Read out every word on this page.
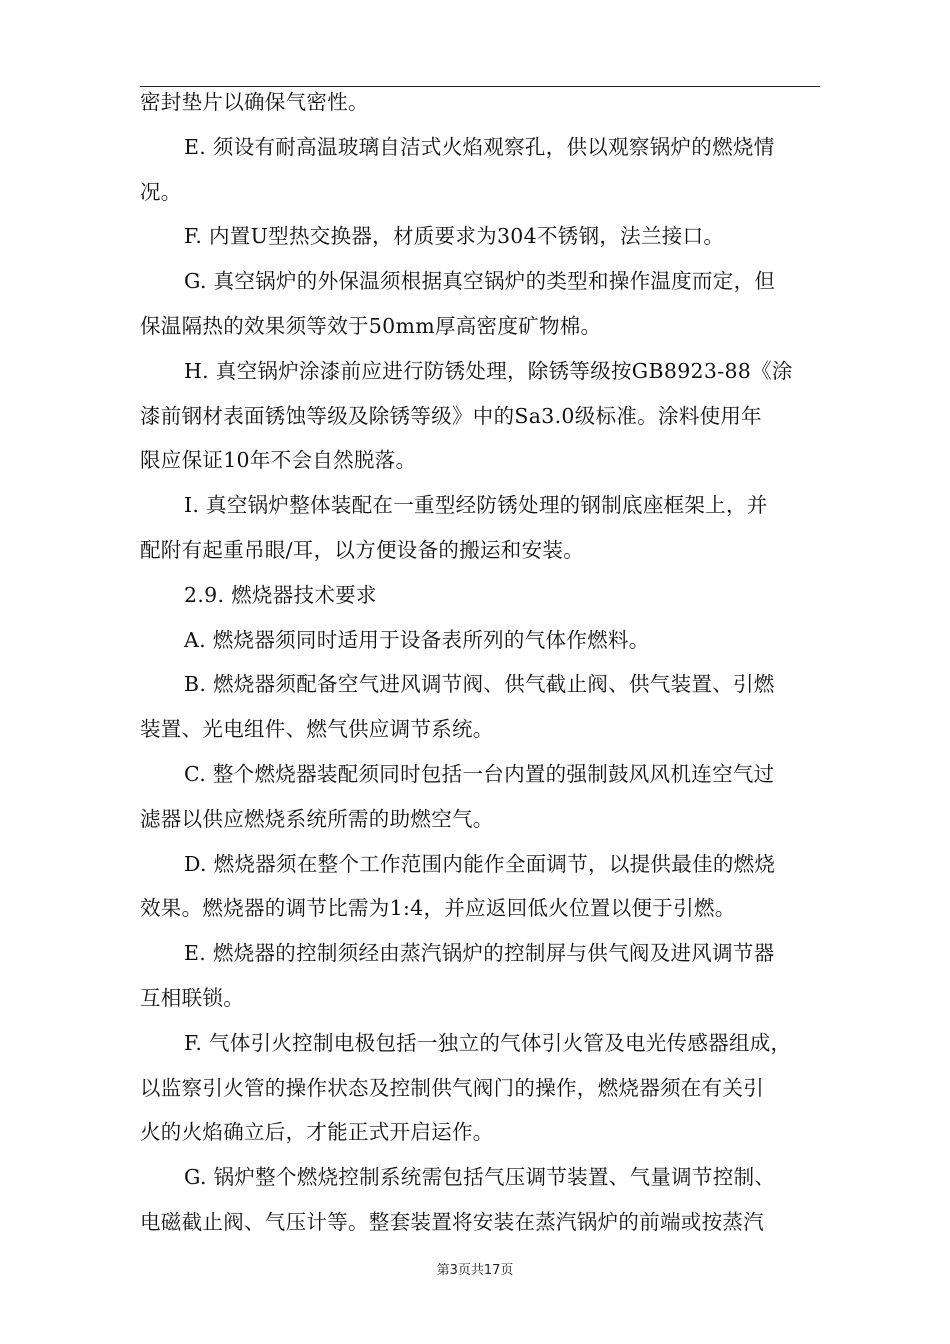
密封垫片以确保气密性。
E. 须设有耐高温玻璃自洁式火焰观察孔，供以观察锅炉的燃烧情
况。
F. 内置U型热交换器，材质要求为304不锈钢，法兰接口。
G. 真空锅炉的外保温须根据真空锅炉的类型和操作温度而定，但
保温隔热的效果须等效于50mm厚高密度矿物棉。
H. 真空锅炉涂漆前应进行防锈处理，除锈等级按GB8923-88《涂
漆前钢材表面锈蚀等级及除锈等级》中的Sa3.0级标准。涂料使用年
限应保证10年不会自然脱落。
I. 真空锅炉整体装配在一重型经防锈处理的钢制底座框架上，并
配附有起重吊眼/耳，以方便设备的搬运和安装。
2.9. 燃烧器技术要求
A. 燃烧器须同时适用于设备表所列的气体作燃料。
B. 燃烧器须配备空气进风调节阀、供气截止阀、供气装置、引燃
装置、光电组件、燃气供应调节系统。
C. 整个燃烧器装配须同时包括一台内置的强制鼓风风机连空气过
滤器以供应燃烧系统所需的助燃空气。
D. 燃烧器须在整个工作范围内能作全面调节，以提供最佳的燃烧
效果。燃烧器的调节比需为1:4，并应返回低火位置以便于引燃。
E. 燃烧器的控制须经由蒸汽锅炉的控制屏与供气阀及进风调节器
互相联锁。
F. 气体引火控制电极包括一独立的气体引火管及电光传感器组成，
以监察引火管的操作状态及控制供气阀门的操作，燃烧器须在有关引
火的火焰确立后，才能正式开启运作。
G. 锅炉整个燃烧控制系统需包括气压调节装置、气量调节控制、
电磁截止阀、气压计等。整套装置将安装在蒸汽锅炉的前端或按蒸汽
第3页共17页
